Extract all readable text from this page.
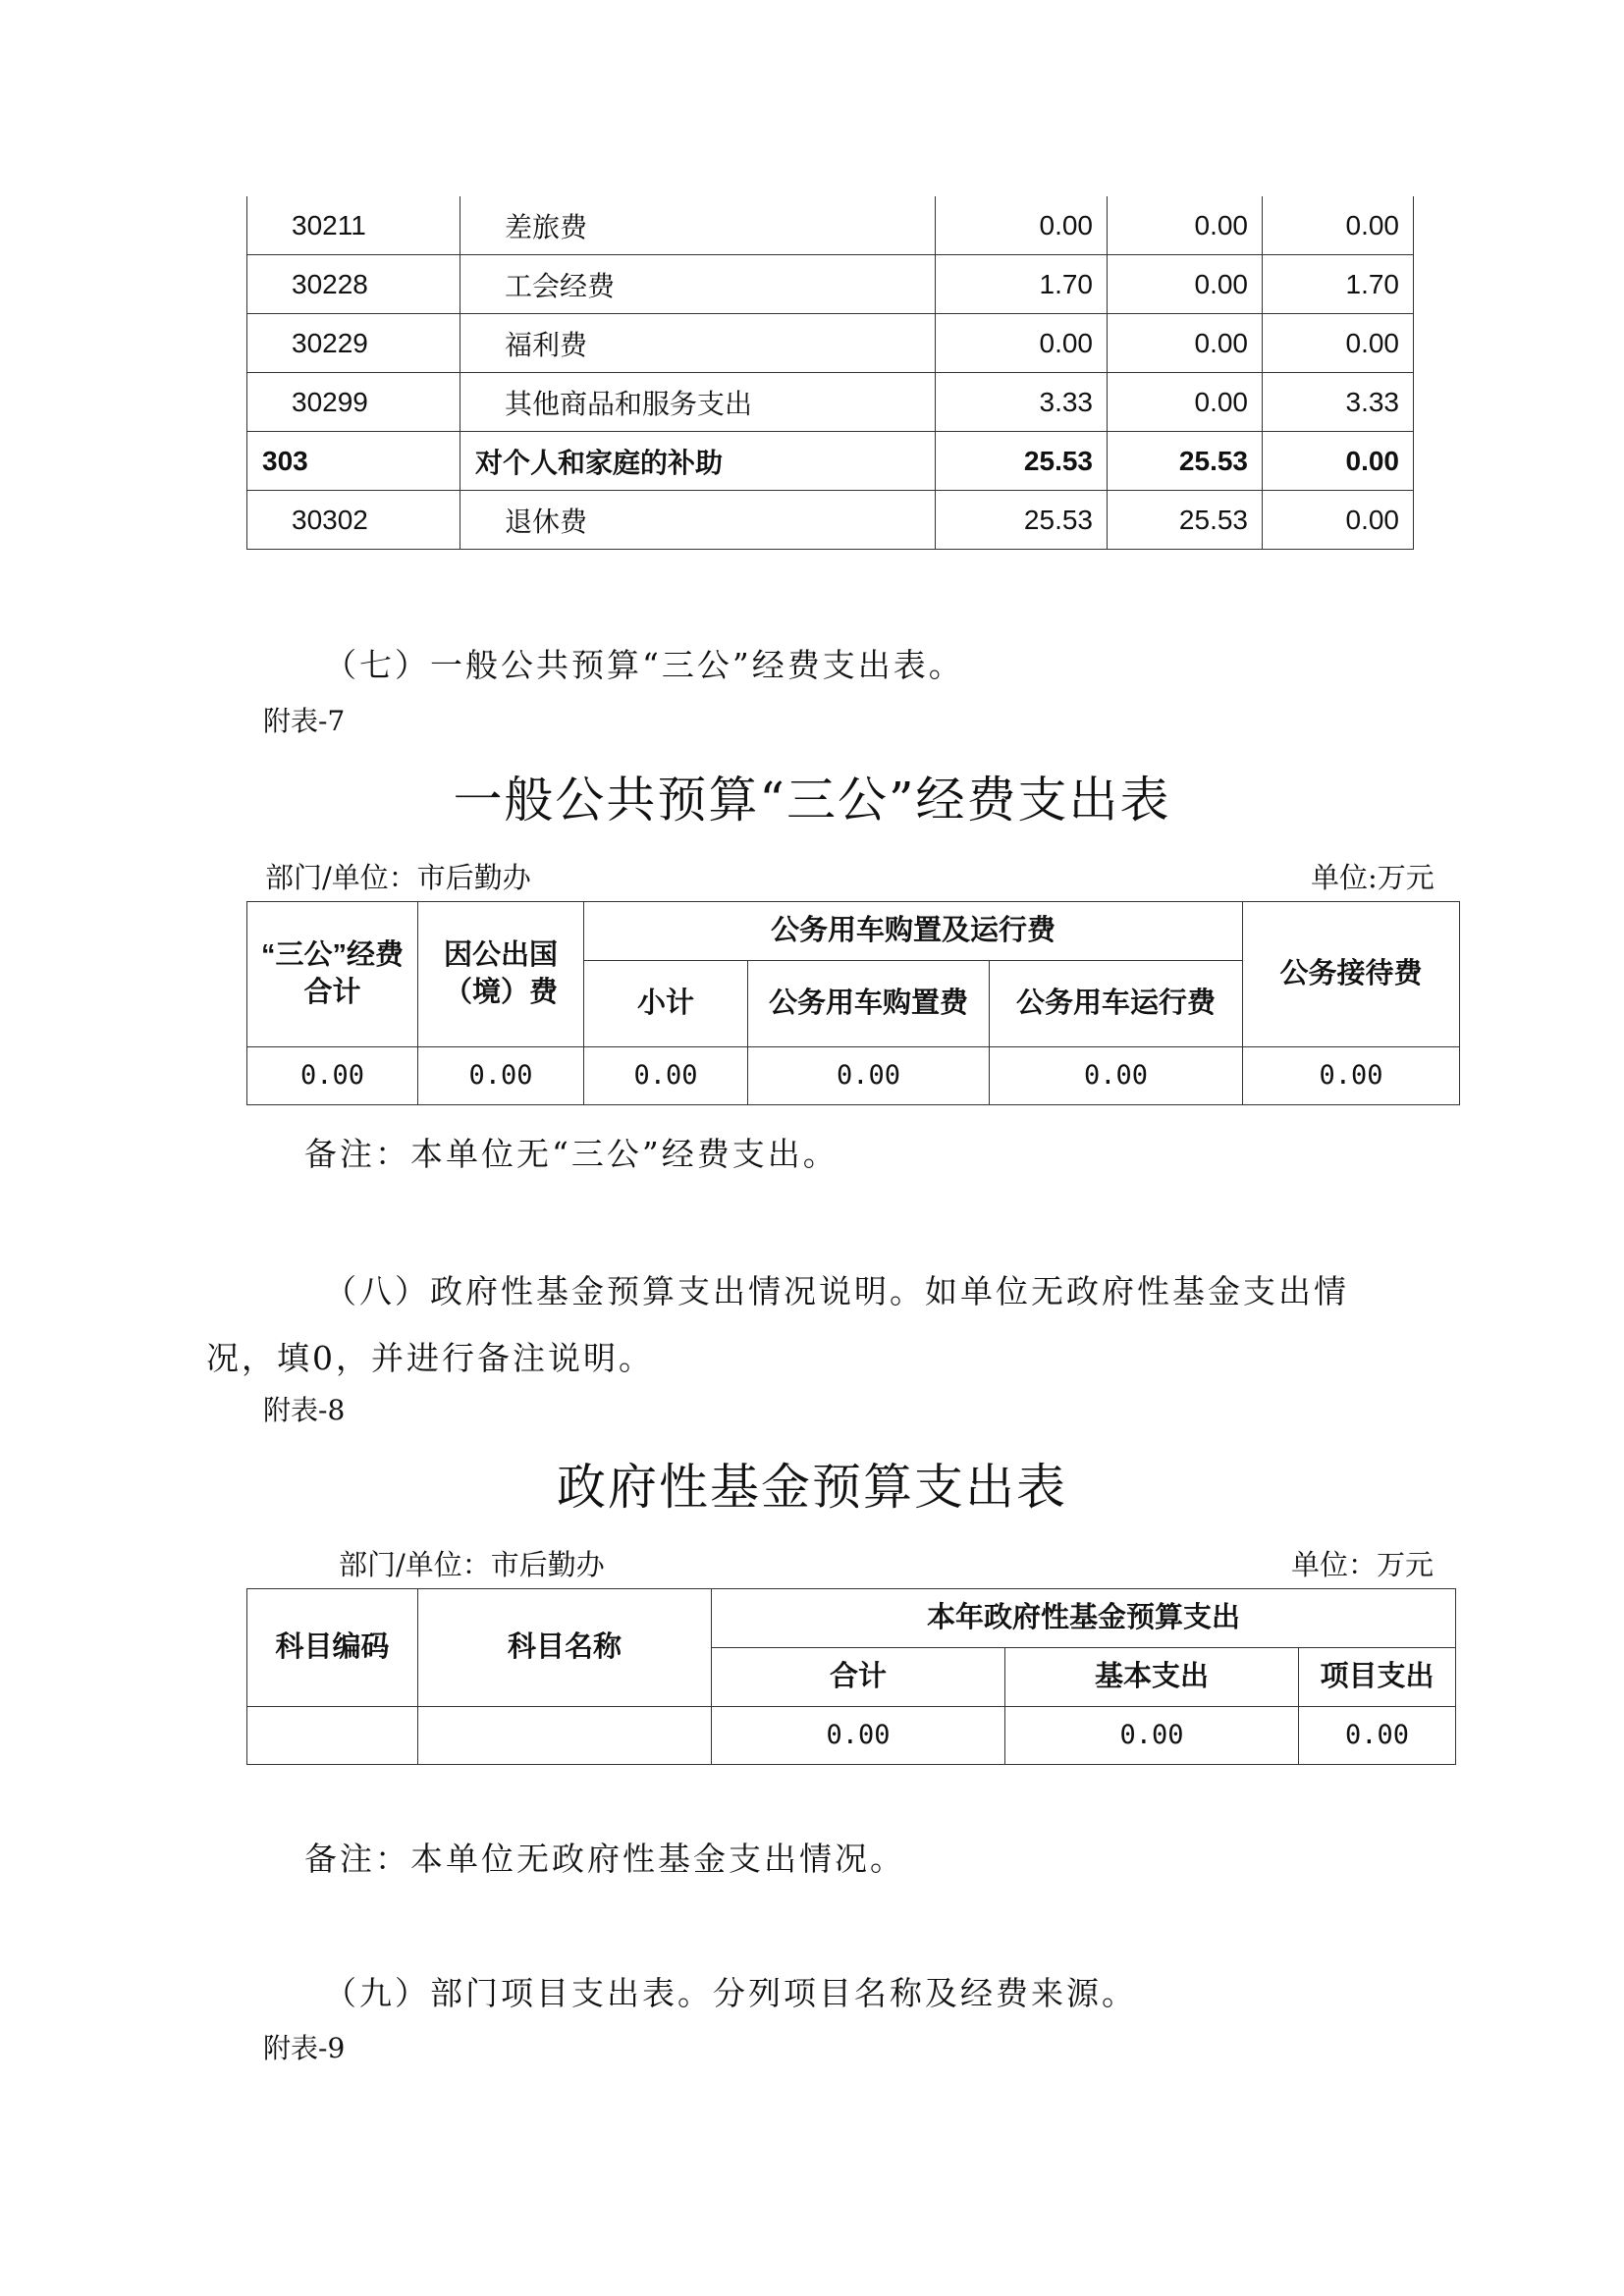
30211	差旅费	0.00	0.00	0.00
30228	工会经费	1.70	0.00	1.70
30229	福利费	0.00	0.00	0.00
30299	其他商品和服务支出	3.33	0.00	3.33
303	对个人和家庭的补助	25.53	25.53	0.00
30302	退休费	25.53	25.53	0.00
（七）一般公共预算“三公”经费支出表。
附表-7
一般公共预算“三公”经费支出表
部门/单位：市后勤办	单位:万元
“三公”经费合计	因公出国（境）费	公务用车购置及运行费			公务接待费
		小计	公务用车购置费	公务用车运行费	
0.00	0.00	0.00	0.00	0.00	0.00
备注：本单位无“三公”经费支出。
（八）政府性基金预算支出情况说明。如单位无政府性基金支出情
况，填0，并进行备注说明。
附表-8
政府性基金预算支出表
部门/单位：市后勤办	单位：万元
科目编码	科目名称	本年政府性基金预算支出		
		合计	基本支出	项目支出
		0.00	0.00	0.00
备注：本单位无政府性基金支出情况。
（九）部门项目支出表。分列项目名称及经费来源。
附表-9
